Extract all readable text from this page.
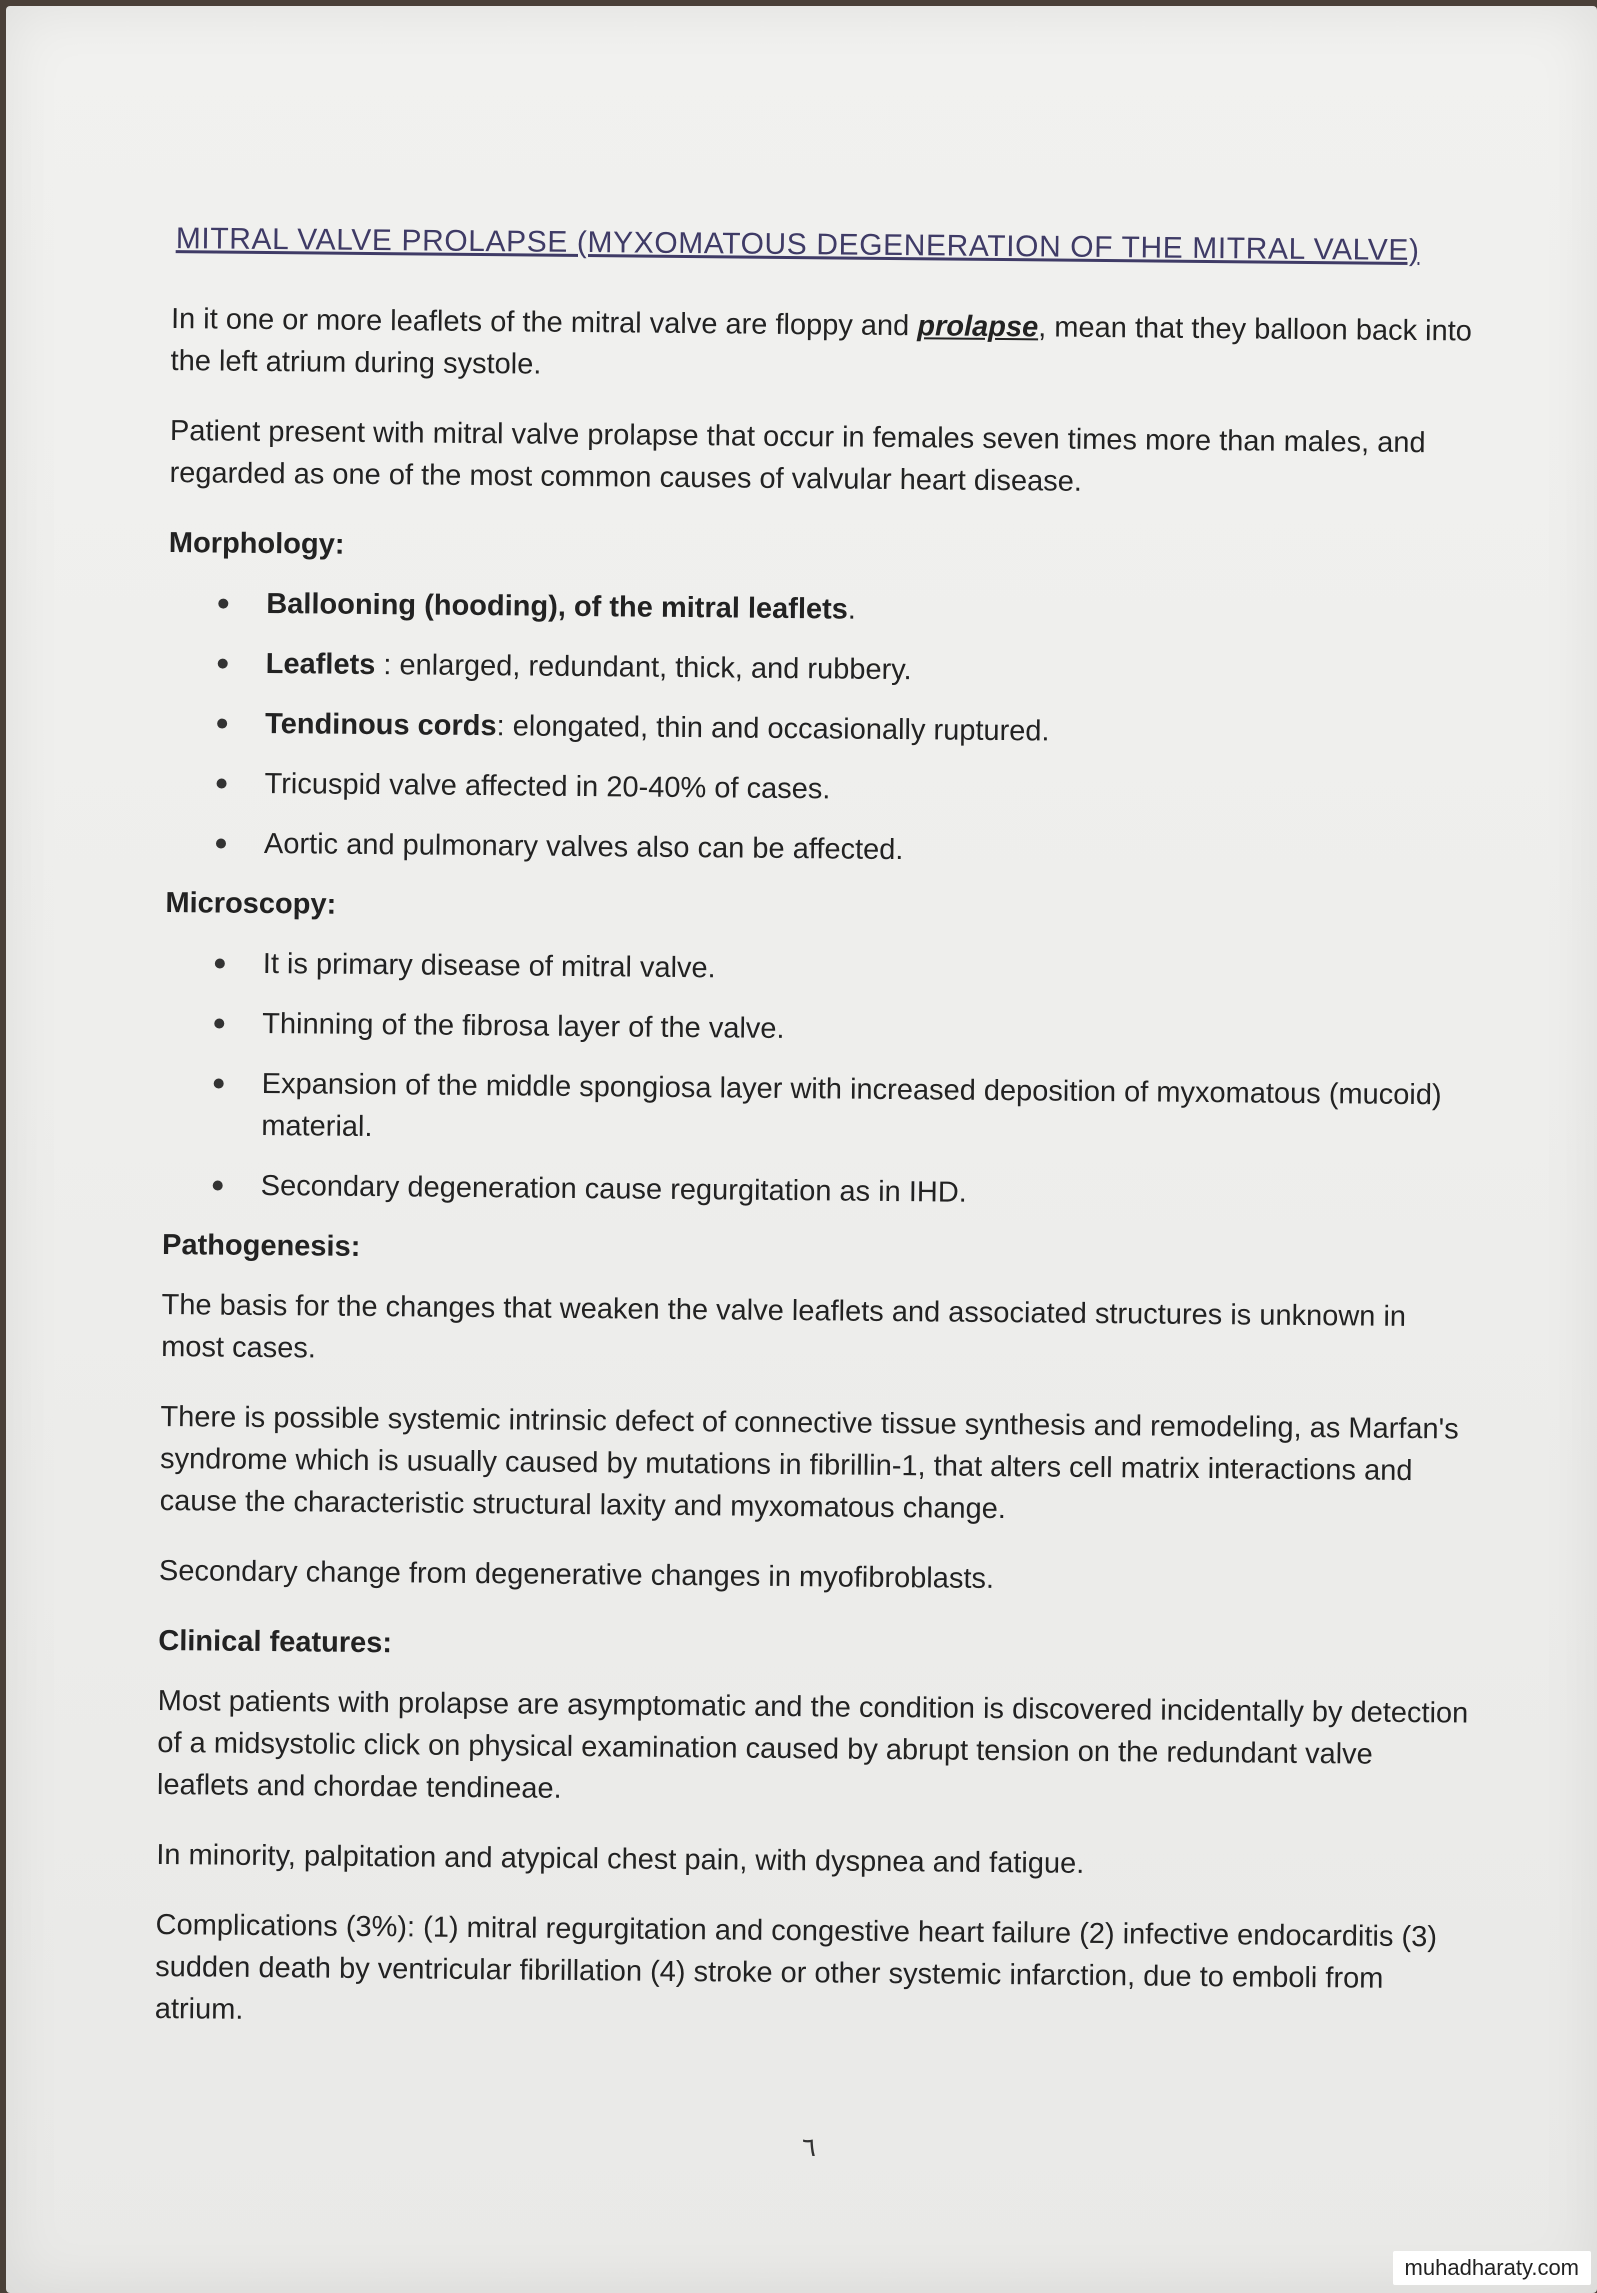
MITRAL VALVE PROLAPSE (MYXOMATOUS DEGENERATION OF THE MITRAL VALVE)

In it one or more leaflets of the mitral valve are floppy and prolapse, mean that they balloon back into the left atrium during systole.

Patient present with mitral valve prolapse that occur in females seven times more than males, and regarded as one of the most common causes of valvular heart disease.

Morphology:
Ballooning (hooding), of the mitral leaflets.
Leaflets : enlarged, redundant, thick, and rubbery.
Tendinous cords: elongated, thin and occasionally ruptured.
Tricuspid valve affected in 20-40% of cases.
Aortic and pulmonary valves also can be affected.
Microscopy:
It is primary disease of mitral valve.
Thinning of the fibrosa layer of the valve.
Expansion of the middle spongiosa layer with increased deposition of myxomatous (mucoid) material.
Secondary degeneration cause regurgitation as in IHD.
Pathogenesis:

The basis for the changes that weaken the valve leaflets and associated structures is unknown in most cases.

There is possible systemic intrinsic defect of connective tissue synthesis and remodeling, as Marfan's syndrome which is usually caused by mutations in fibrillin-1, that alters cell matrix interactions and cause the characteristic structural laxity and myxomatous change.

Secondary change from degenerative changes in myofibroblasts.

Clinical features:

Most patients with prolapse are asymptomatic and the condition is discovered incidentally by detection of a midsystolic click on physical examination caused by abrupt tension on the redundant valve leaflets and chordae tendineae.

In minority, palpitation and atypical chest pain, with dyspnea and fatigue.

Complications (3%): (1) mitral regurgitation and congestive heart failure (2) infective endocarditis (3) sudden death by ventricular fibrillation (4) stroke or other systemic infarction, due to emboli from atrium.

٦
muhadharaty.com
